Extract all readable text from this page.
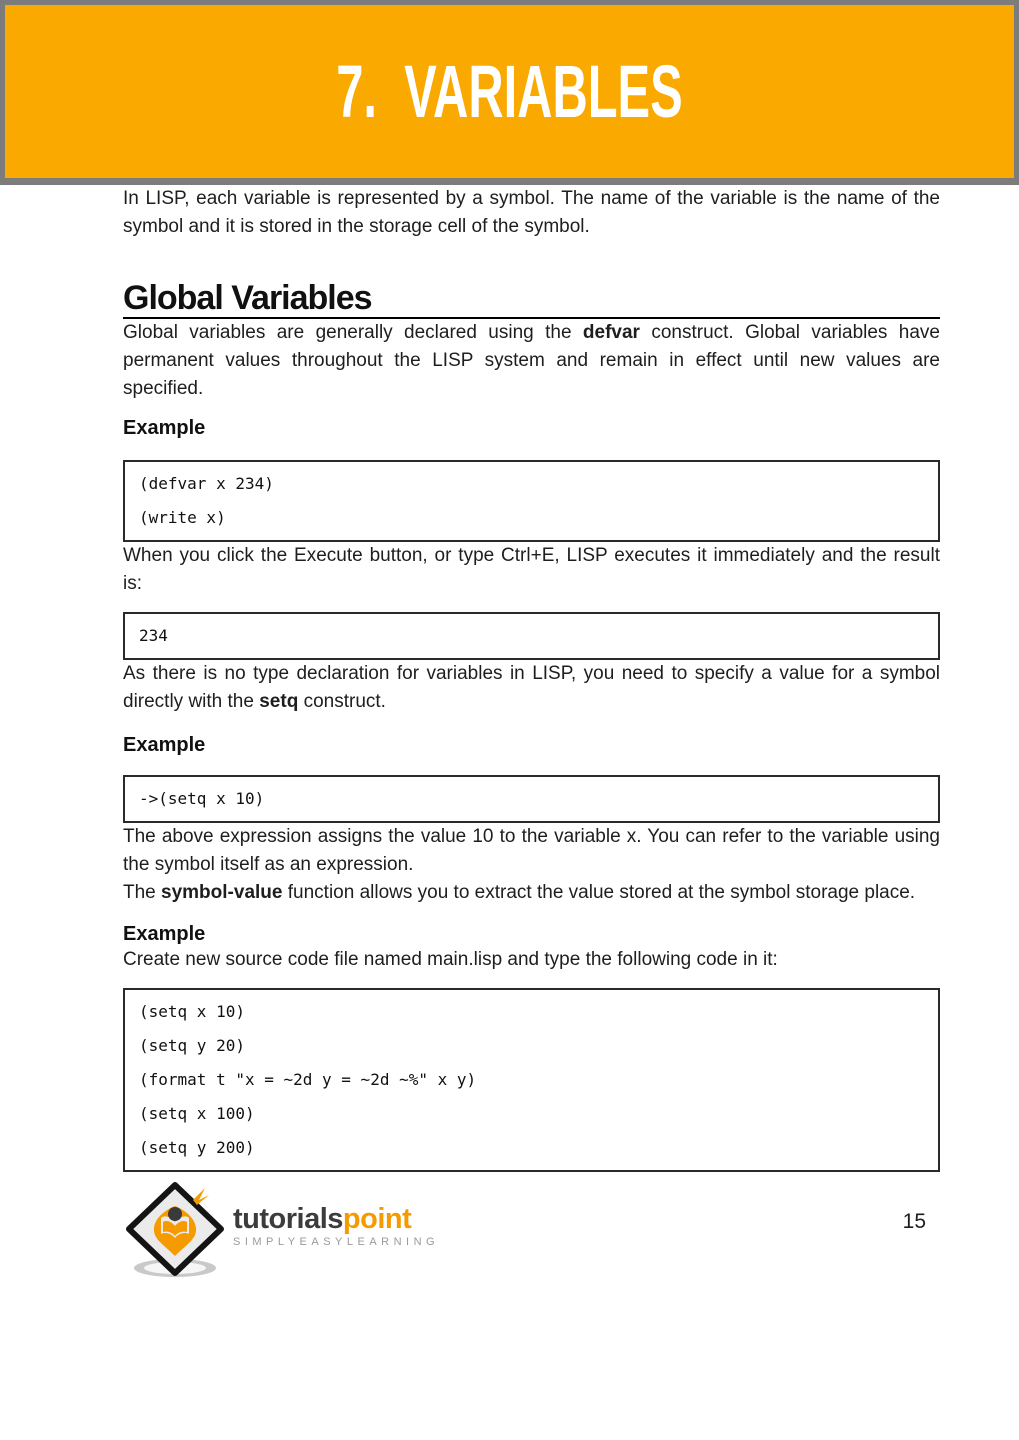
7.  VARIABLES

In LISP, each variable is represented by a symbol. The name of the variable is the name of the symbol and it is stored in the storage cell of the symbol.

Global Variables

Global variables are generally declared using the defvar construct. Global variables have permanent values throughout the LISP system and remain in effect until new values are specified.

Example
(defvar x 234)
(write x)

When you click the Execute button, or type Ctrl+E, LISP executes it immediately and the result is:

234

As there is no type declaration for variables in LISP, you need to specify a value for a symbol directly with the setq construct.

Example
->(setq x 10)

The above expression assigns the value 10 to the variable x. You can refer to the variable using the symbol itself as an expression.

The symbol-value function allows you to extract the value stored at the symbol storage place.

Example

Create new source code file named main.lisp and type the following code in it:

(setq x 10)
(setq y 20)
(format t "x = ~2d y = ~2d ~%" x y)
(setq x 100)
(setq y 200)
tutorialspoint
SIMPLYEASYLEARNING
15
